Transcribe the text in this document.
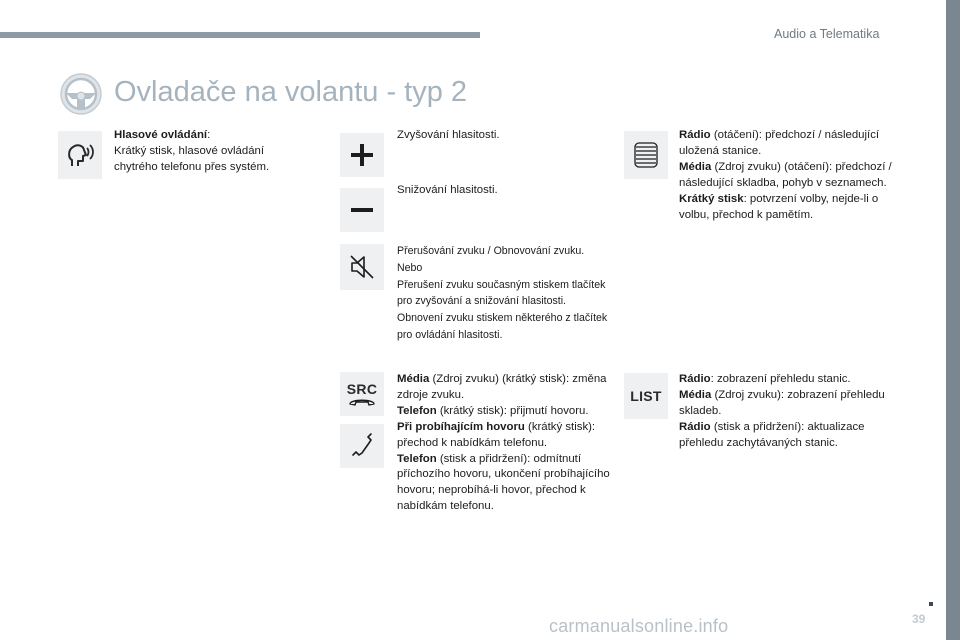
Audio a Telematika
Ovladače na volantu - typ 2

Hlasové ovládání:

Krátký stisk, hlasové ovládání chytrého telefonu přes systém.

Zvyšování hlasitosti.
Snižování hlasitosti.

Přerušování zvuku / Obnovování zvuku.

Nebo

Přerušení zvuku současným stiskem tlačítek pro zvyšování a snižování hlasitosti.

Obnovení zvuku stiskem některého z tlačítek pro ovládání hlasitosti.

SRC

Média (Zdroj zvuku) (krátký stisk): změna zdroje zvuku.

Telefon (krátký stisk): přijmutí hovoru.

Při probíhajícím hovoru (krátký stisk): přechod k nabídkám telefonu.

Telefon (stisk a přidržení): odmítnutí příchozího hovoru, ukončení probíhajícího hovoru; neprobíhá-li hovor, přechod k nabídkám telefonu.

Rádio (otáčení): předchozí / následující uložená stanice.

Média (Zdroj zvuku) (otáčení): předchozí / následující skladba, pohyb v seznamech.

Krátký stisk: potvrzení volby, nejde-li o volbu, přechod k pamětím.

LIST

Rádio: zobrazení přehledu stanic.

Média (Zdroj zvuku): zobrazení přehledu skladeb.

Rádio (stisk a přidržení): aktualizace přehledu zachytávaných stanic.

39
carmanualsonline.info
